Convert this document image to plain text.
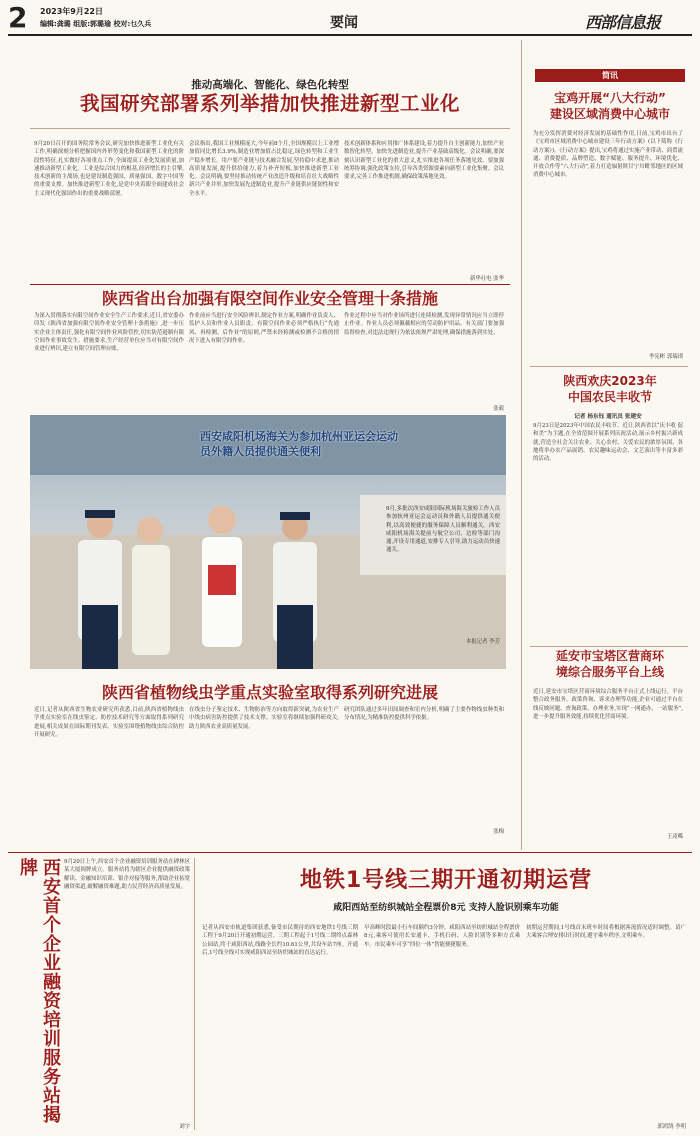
2 2023年9月22日
编辑:龚璐 组版:郭璐瑜 校对:乜久兵	要闻	西部信息报
推动高端化、智能化、绿色化转型
我国研究部署系列举措加快推进新型工业化
9月20日召开的国务院常务会议,研究加快推进新型工业化有关工作,明确深刻分析把握国内外形势变化和我国新型工业化的阶段性特征,扎实做好各项重点工作,全面提高工业化发展质量,加速推动新型工业化。工业是综合国力的根基,经济增长的主引擎,技术创新的主战场,也是建设制造强国、质量强国、数字中国等的重要支撑。加快推进新型工业化,是党中央着眼全面建成社会主义现代化强国作出的重要战略部署。
会议指出,我国工业规模庞大,今年前8个月,全国规模以上工业增加值同比增长3.9%,制造业增加值占比稳定,绿色转型和工业生产稳步增长。用户要产业链与技术融合发展,坚持稳中求进,推动高质量发展,提升供给能力,着力补齐短板,加快推进新型工业化。会议明确,要坚持推动传统产业改造升级和培育壮大战略性新兴产业并举,加快发展先进制造业,提升产业链供应链韧性和安全水平。
技术创新体系和应用推广体系建设,着力提升自主创新能力,加快产业数智化转型。加快先进制造业,提升产业基础高级化。会议明确,要深刻认识新型工业化的重大意义,扎实推进各项任务落地见效。要加强统筹协调,强化政策支持,引导各类资源要素向新型工业化集聚。会议要求,完善工作推进机制,确保政策落地见效。
新华社电 张华
陕西省出台加强有限空间作业安全管理十条措施
为深入贯彻落实有限空间作业安全生产工作要求,近日,省安委办印发《陕西省加强有限空间作业安全管理十条措施》,进一步压实企业主体责任,强化有限空间作业风险管控,切实防范遏制有限空间作业事故发生。措施要求,生产经营单位应当对有限空间作业进行辨识,建立有限空间管理台账。
作业前应当进行安全风险辨识,制定作业方案,明确作业负责人、监护人员和作业人员职责。有限空间作业必须严格执行“先通风、再检测、后作业”的原则,严禁未经检测或检测不合格的情况下进入有限空间作业。
作业过程中应当对作业场所进行连续检测,发现异常情况应当立即停止作业。作业人员必须佩戴相应的劳动防护用品。有关部门要加强监督检查,对违法违规行为依法依规严肃处理,确保措施落到实处。
张毅
西安咸阳机场海关为参加杭州亚运会运动员外籍人员提供通关便利
9月,多批次西安咸阳国际机场海关旅检工作人员参加杭州亚运会运动员和外籍人员提供通关便利,以高效便捷的服务保障人员顺利通关。西安咸阳机场海关提前与航空公司、边检等部门沟通,开设专用通道,安排专人引导,助力运动员快速通关。
本报记者 李芳
陕西省植物线虫学重点实验室取得系列研究进展
近日,记者从陕西省生物农业研究所获悉,目前,陕西省植物线虫学重点实验室在线虫鉴定、防控技术研究等方面取得系列研究进展,相关成果在国际期刊发表。实验室围绕植物线虫综合防控开展研究。
在线虫分子鉴定技术、生物防治等方向取得新突破,为农业生产中线虫病害防控提供了技术支撑。实验室将继续加强科研攻关,助力陕西农业高质量发展。
研究团队通过多年田间调查和室内分析,明确了主要作物线虫种类和分布情况,为精准防控提供科学依据。
张梅
简讯
宝鸡开展“八大行动”
建设区域消费中心城市
为充分发挥消费对经济发展的基础性作用,日前,宝鸡市出台了《宝鸡市区域消费中心城市建设三年行动方案》(以下简称《行动方案》)。《行动方案》提出,宝鸡将通过实施产业带动、商贸流通、消费提质、品牌塑造、数字赋能、服务提升、环境优化、开放合作等“八大行动”,着力打造辐射陕甘宁川毗邻地区的区域消费中心城市。
李宪彬 郭瑞璟
陕西欢庆2023年
中国农民丰收节
记者 杨东钰 通讯员 张建安
9月23日是2023年中国农民丰收节。近日,陕西省以“庆丰收 促和美”为主题,在全省范围开展系列庆祝活动,展示乡村振兴新成就,营造全社会关注农业、关心农村、关爱农民的浓厚氛围。各地将举办农产品展销、农民趣味运动会、文艺演出等丰富多彩的活动。
延安市宝塔区营商环
境综合服务平台上线
近日,延安市宝塔区营商环境综合服务平台正式上线运行。平台整合政务服务、政策咨询、诉求办理等功能,企业可通过平台在线反映问题、查询政策、办理业务,实现“一网通办、一站服务”,进一步提升服务效能,持续优化营商环境。
王凌晞
西安首个企业融资培训服务站揭牌	9月20日上午,西安首个企业融资培训服务站在碑林区某大厦揭牌成立。服务站将为辖区企业提供融资政策解读、金融知识培训、银企对接等服务,帮助企业拓宽融资渠道,破解融资难题,助力民营经济高质量发展。
刘宇
地铁1号线三期开通初期运营
咸阳西站至纺织城站全程票价8元 支持人脸识别乘车功能
记者从西安市轨道集团获悉,备受市民期待的西安地铁1号线三期工程于9月20日开通初期运营。三期工程起于1号线二期终点森林公园站,终于咸阳西站,线路全长约10.61公里,共设车站7座。开通后,1号线全线可实现咸阳西站至纺织城站的直达运行。
早高峰时段最小行车间隔约3分钟。咸阳西站至纺织城站全程票价8元,乘客可使用长安通卡、手机扫码、人脸识别等多种方式乘车。市民乘车可享“四位一体”智能便捷服务。
初期运营期间,1号线首末班车时间将根据客流情况适时调整。请广大乘客合理安排出行时间,遵守乘车秩序,文明乘车。
郭鸿鹄 李明
